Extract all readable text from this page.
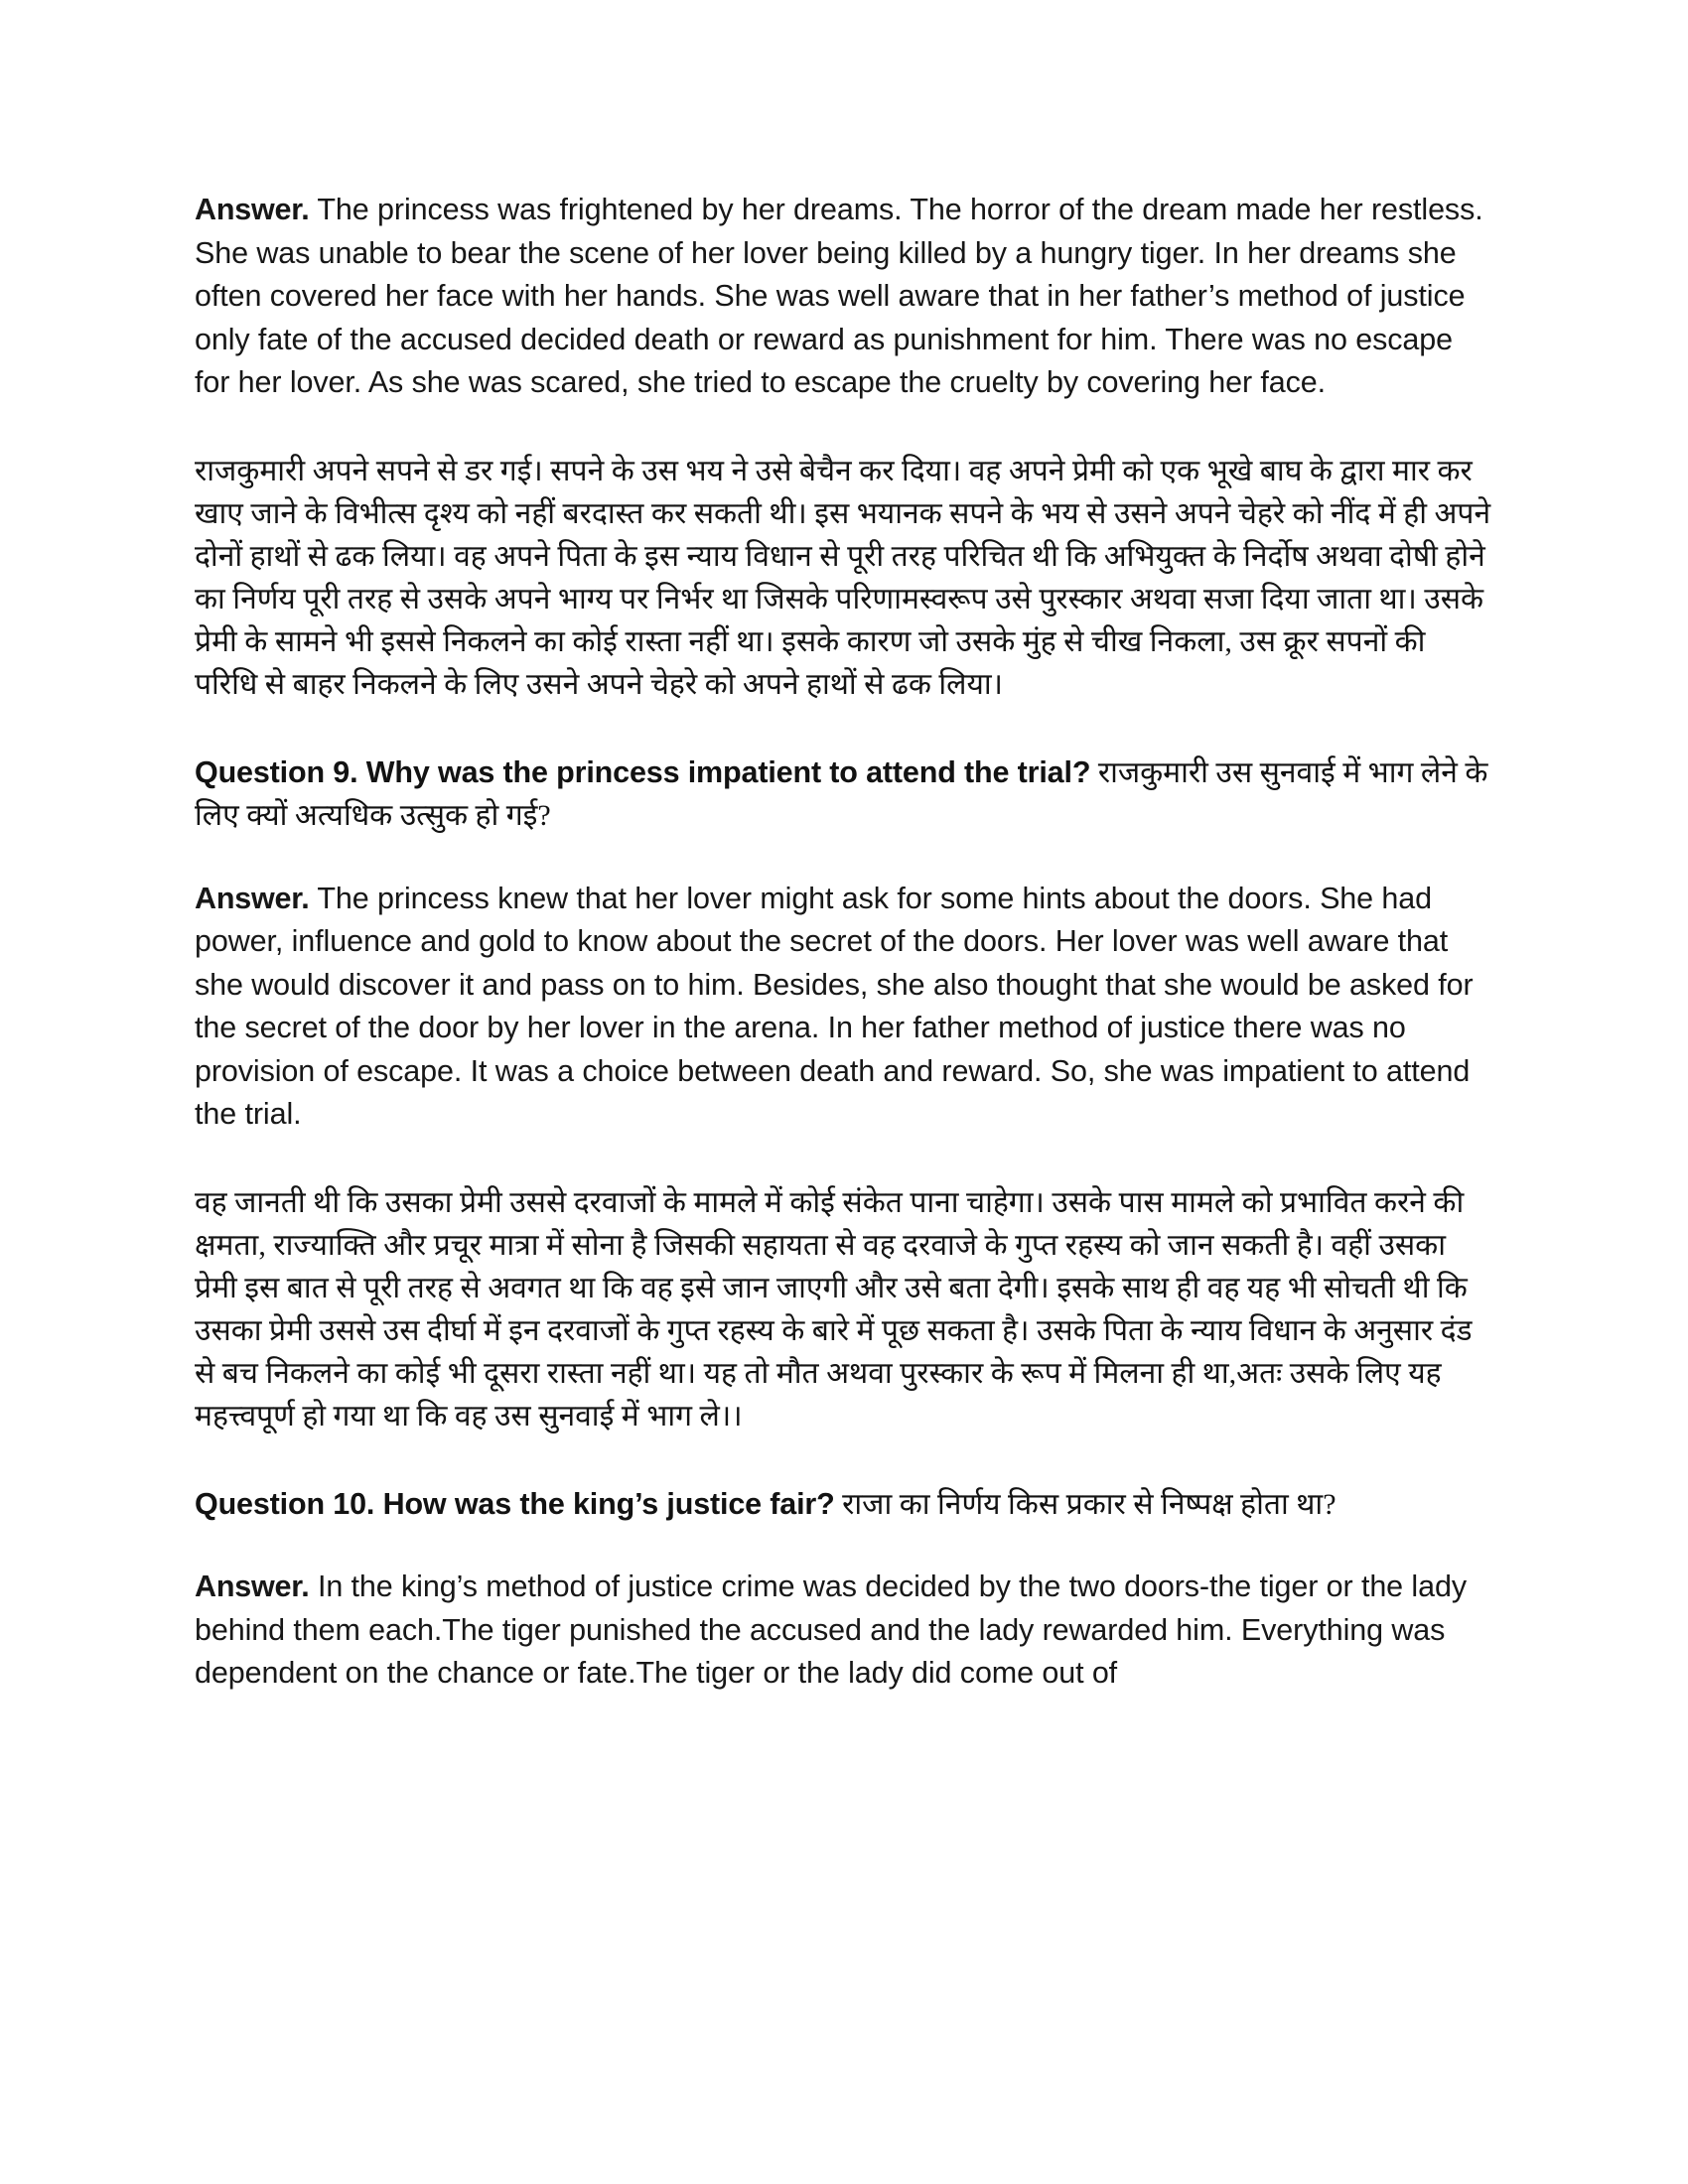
Answer. The princess was frightened by her dreams. The horror of the dream made her restless. She was unable to bear the scene of her lover being killed by a hungry tiger. In her dreams she often covered her face with her hands. She was well aware that in her father’s method of justice only fate of the accused decided death or reward as punishment for him. There was no escape for her lover. As she was scared, she tried to escape the cruelty by covering her face.

राजकुमारी अपने सपने से डर गई। सपने के उस भय ने उसे बेचैन कर दिया। वह अपने प्रेमी को एक भूखे बाघ के द्वारा मार कर खाए जाने के विभीत्स दृश्य को नहीं बरदास्त कर सकती थी। इस भयानक सपने के भय से उसने अपने चेहरे को नींद में ही अपने दोनों हाथों से ढक लिया। वह अपने पिता के इस न्याय विधान से पूरी तरह परिचित थी कि अभियुक्त के निर्दोष अथवा दोषी होने का निर्णय पूरी तरह से उसके अपने भाग्य पर निर्भर था जिसके परिणामस्वरूप उसे पुरस्कार अथवा सजा दिया जाता था। उसके प्रेमी के सामने भी इससे निकलने का कोई रास्ता नहीं था। इसके कारण जो उसके मुंह से चीख निकला, उस क्रूर सपनों की परिधि से बाहर निकलने के लिए उसने अपने चेहरे को अपने हाथों से ढक लिया।

Question 9. Why was the princess impatient to attend the trial? राजकुमारी उस सुनवाई में भाग लेने के लिए क्यों अत्यधिक उत्सुक हो गई?

Answer. The princess knew that her lover might ask for some hints about the doors. She had power, influence and gold to know about the secret of the doors. Her lover was well aware that she would discover it and pass on to him. Besides, she also thought that she would be asked for the secret of the door by her lover in the arena. In her father method of justice there was no provision of escape. It was a choice between death and reward. So, she was impatient to attend the trial.

वह जानती थी कि उसका प्रेमी उससे दरवाजों के मामले में कोई संकेत पाना चाहेगा। उसके पास मामले को प्रभावित करने की क्षमता, राज्याक्ति और प्रचूर मात्रा में सोना है जिसकी सहायता से वह दरवाजे के गुप्त रहस्य को जान सकती है। वहीं उसका प्रेमी इस बात से पूरी तरह से अवगत था कि वह इसे जान जाएगी और उसे बता देगी। इसके साथ ही वह यह भी सोचती थी कि उसका प्रेमी उससे उस दीर्घा में इन दरवाजों के गुप्त रहस्य के बारे में पूछ सकता है। उसके पिता के न्याय विधान के अनुसार दंड से बच निकलने का कोई भी दूसरा रास्ता नहीं था। यह तो मौत अथवा पुरस्कार के रूप में मिलना ही था,अतः उसके लिए यह महत्त्वपूर्ण हो गया था कि वह उस सुनवाई में भाग ले।।

Question 10. How was the king’s justice fair? राजा का निर्णय किस प्रकार से निष्पक्ष होता था?

Answer. In the king’s method of justice crime was decided by the two doors-the tiger or the lady behind them each.The tiger punished the accused and the lady rewarded him. Everything was dependent on the chance or fate.The tiger or the lady did come out of
